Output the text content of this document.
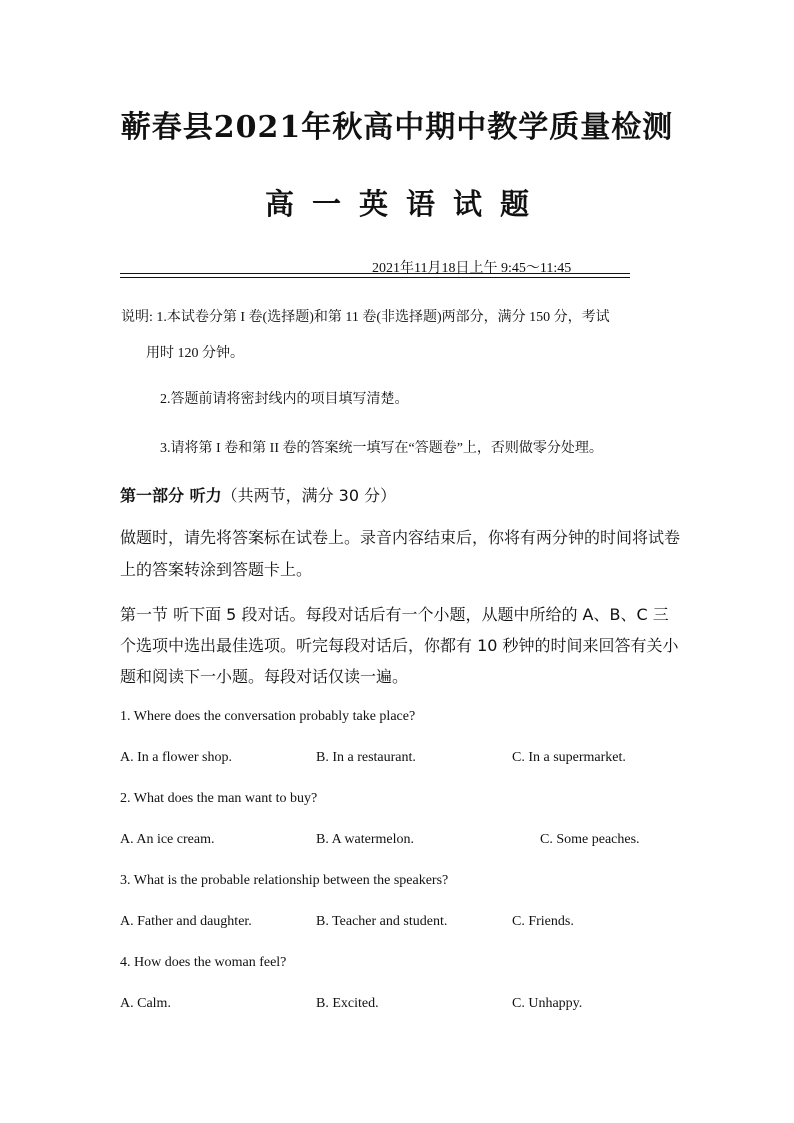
蕲春县2021年秋高中期中教学质量检测
高一英语试题
2021年11月18日上午 9:45～11:45
说明: 1.本试卷分第 I 卷(选择题)和第 11 卷(非选择题)两部分，满分 150 分，考试
用时 120 分钟。
2.答题前请将密封线内的项目填写清楚。
3.请将第 I 卷和第 II 卷的答案统一填写在“答题卷”上，否则做零分处理。
第一部分 听力（共两节，满分 30 分）
做题时，请先将答案标在试卷上。录音内容结束后，你将有两分钟的时间将试卷
上的答案转涂到答题卡上。
第一节 听下面 5 段对话。每段对话后有一个小题，从题中所给的 A、B、C 三
个选项中选出最佳选项。听完每段对话后，你都有 10 秒钟的时间来回答有关小
题和阅读下一小题。每段对话仅读一遍。
1. Where does the conversation probably take place?
A. In a flower shop.	B. In a restaurant.	C. In a supermarket.
2. What does the man want to buy?
A. An ice cream.	B. A watermelon.	C. Some peaches.
3. What is the probable relationship between the speakers?
A. Father and daughter.	B. Teacher and student.	C. Friends.
4. How does the woman feel?
A. Calm.	B. Excited.	C. Unhappy.
